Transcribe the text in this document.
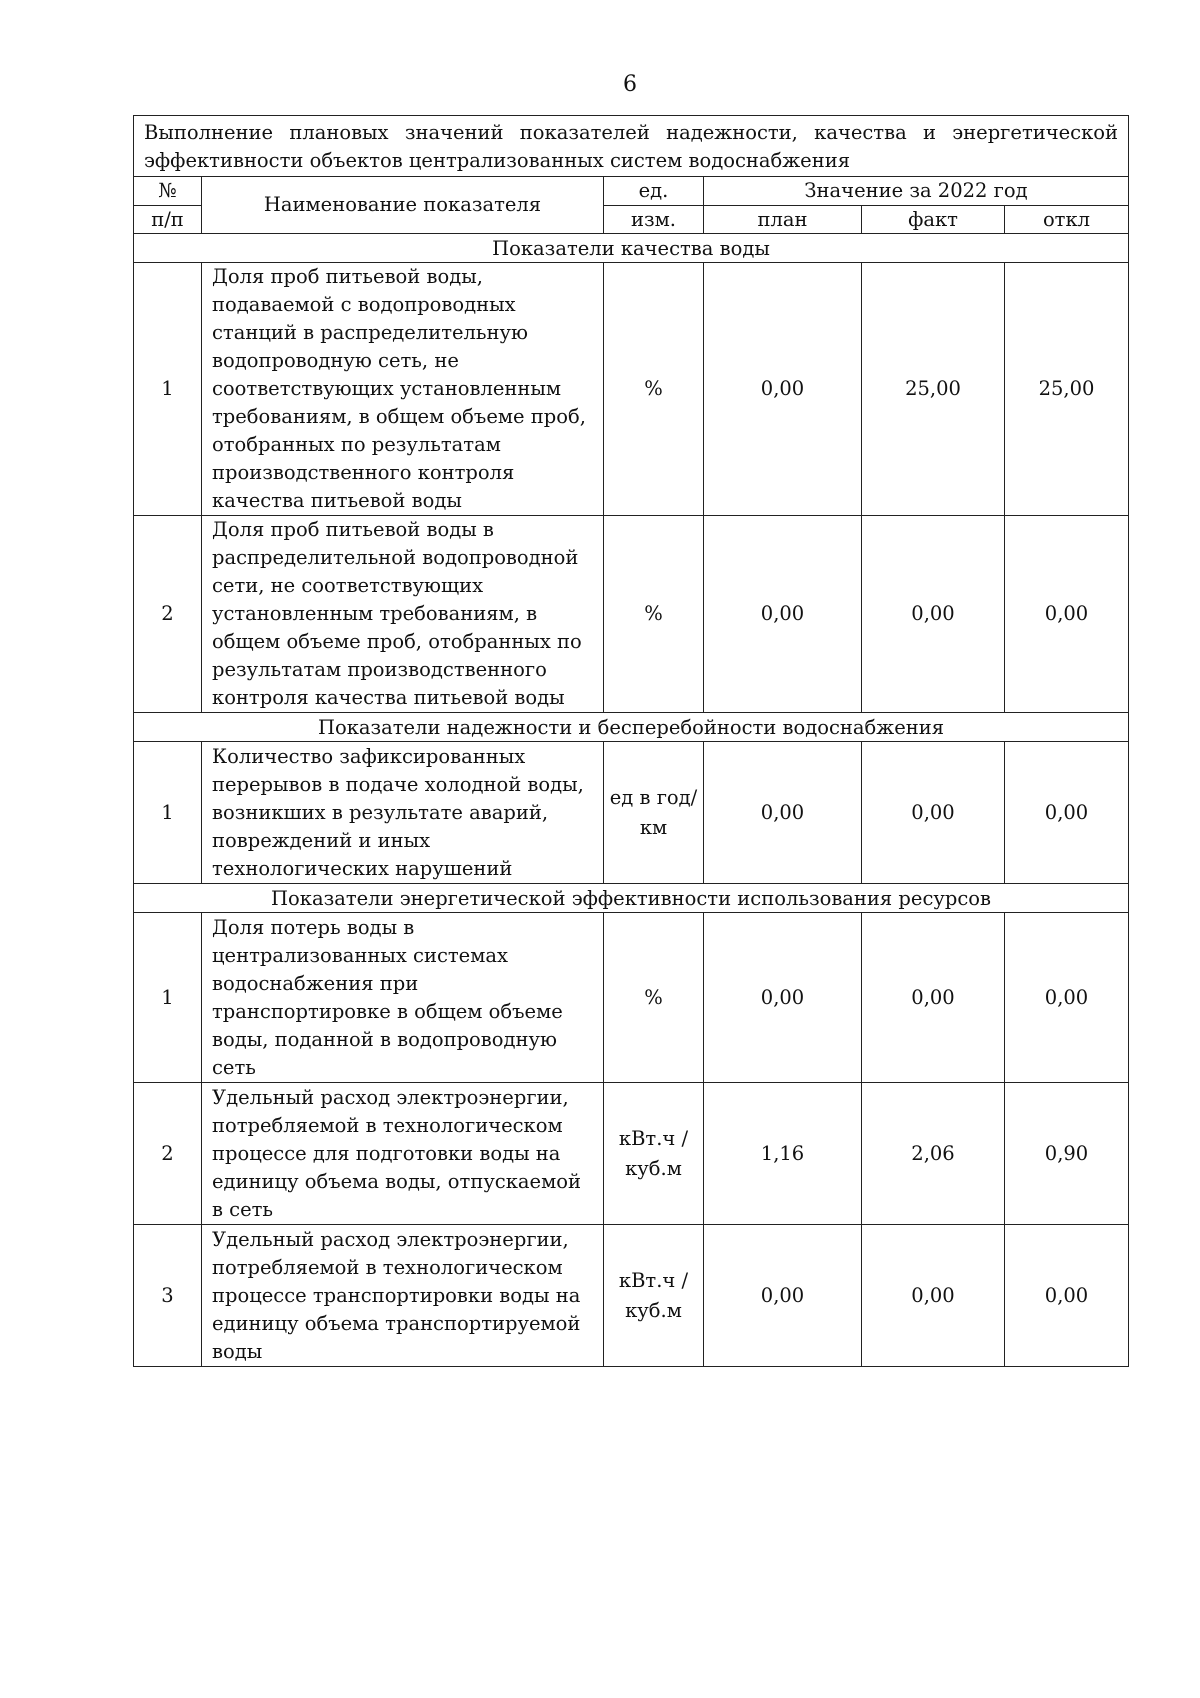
6
Выполнение плановых значений показателей надежности, качества и энергетической эффективности объектов централизованных систем водоснабжения					
№	Наименование показателя	ед.	Значение за 2022 год		
п/п		изм.	план	факт	откл
Показатели качества воды					
1	Доля проб питьевой воды, подаваемой с водопроводных станций в распределительную водопроводную сеть, не соответствующих установленным требованиям, в общем объеме проб, отобранных по результатам производственного контроля качества питьевой воды	%	0,00	25,00	25,00
2	Доля проб питьевой воды в распределительной водопроводной сети, не соответствующих установленным требованиям, в общем объеме проб, отобранных по результатам производственного контроля качества питьевой воды	%	0,00	0,00	0,00
Показатели надежности и бесперебойности водоснабжения					
1	Количество зафиксированных перерывов в подаче холодной воды, возникших в результате аварий, повреждений и иных технологических нарушений	ед в год/ км	0,00	0,00	0,00
Показатели энергетической эффективности использования ресурсов					
1	Доля потерь воды в централизованных системах водоснабжения при транспортировке в общем объеме воды, поданной в водопроводную сеть	%	0,00	0,00	0,00
2	Удельный расход электроэнергии, потребляемой в технологическом процессе для подготовки воды на единицу объема воды, отпускаемой в сеть	кВт.ч / куб.м	1,16	2,06	0,90
3	Удельный расход электроэнергии, потребляемой в технологическом процессе транспортировки воды на единицу объема транспортируемой воды	кВт.ч / куб.м	0,00	0,00	0,00
